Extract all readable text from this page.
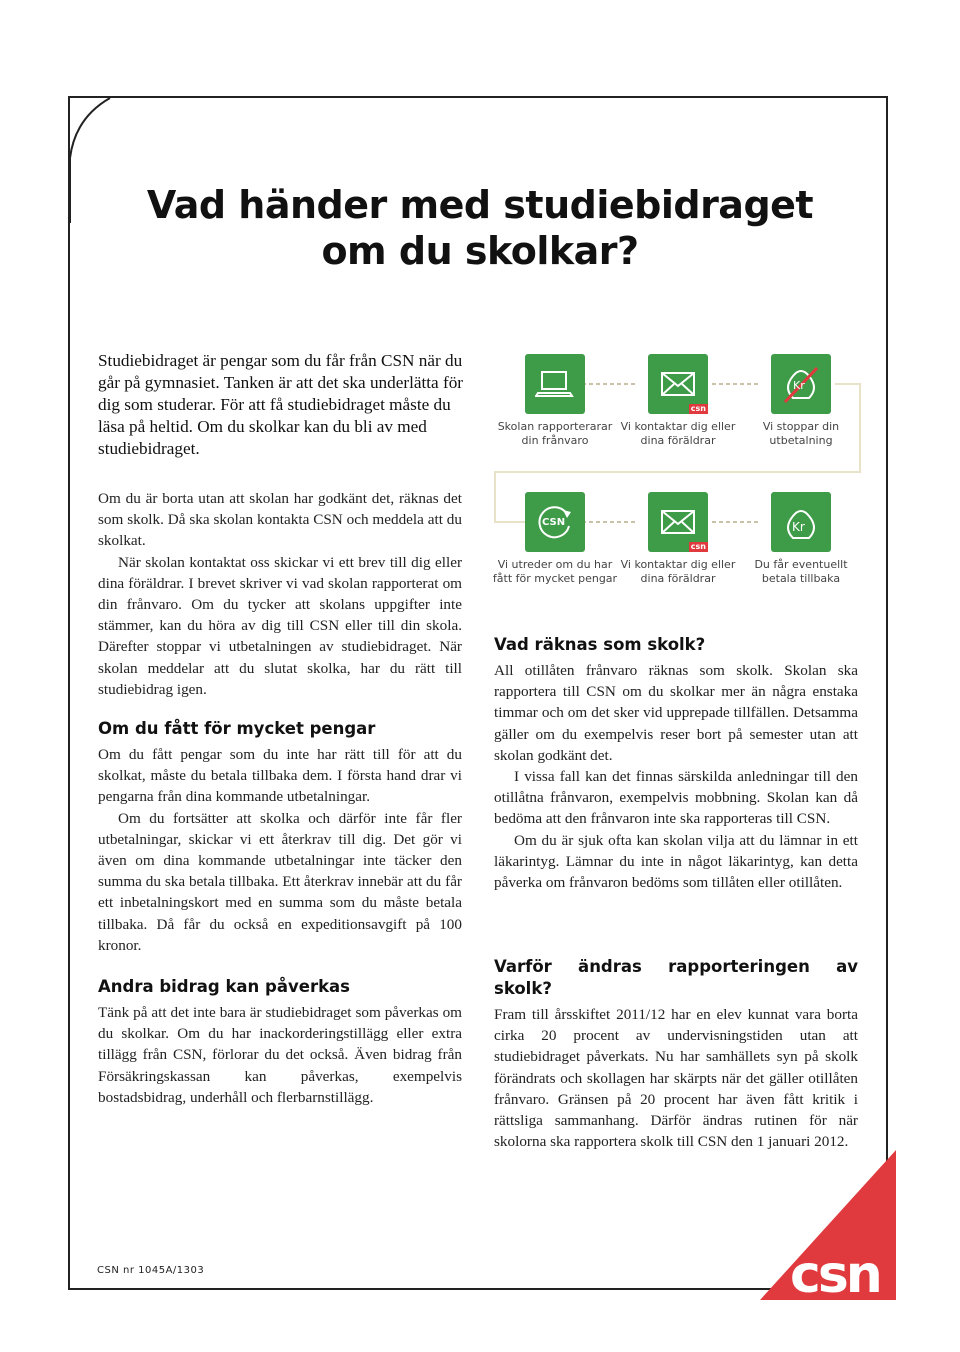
Vad händer med studiebidraget
om du skolkar?

Studiebidraget är pengar som du får från CSN när du går på gymnasiet. Tanken är att det ska underlätta för dig som studerar. För att få studiebidraget måste du läsa på heltid. Om du skolkar kan du bli av med studiebidraget.

Om du är borta utan att skolan har godkänt det, räknas det som skolk. Då ska skolan kontakta CSN och meddela att du skolkat.

När skolan kontaktat oss skickar vi ett brev till dig eller dina föräldrar. I brevet skriver vi vad skolan rapporterat om din frånvaro. Om du tycker att skolans uppgifter inte stämmer, kan du höra av dig till CSN eller till din skola. Därefter stoppar vi utbetalningen av studiebidraget. När skolan meddelar att du slutat skolka, har du rätt till studiebidrag igen.

Om du fått för mycket pengar

Om du fått pengar som du inte har rätt till för att du skolkat, måste du betala tillbaka dem. I första hand drar vi pengarna från dina kommande utbetalningar.

Om du fortsätter att skolka och därför inte får fler utbetalningar, skickar vi ett återkrav till dig. Det gör vi även om dina kommande utbetalningar inte täcker den summa du ska betala tillbaka. Ett återkrav innebär att du får ett inbetalningskort med en summa som du måste betala tillbaka. Då får du också en expeditionsavgift på 100 kronor.

Andra bidrag kan påverkas

Tänk på att det inte bara är studiebidraget som påverkas om du skolkar. Om du har inackorderingstillägg eller extra tillägg från CSN, förlorar du det också. Även bidrag från Försäkringskassan kan påverkas, exempelvis bostadsbidrag, underhåll och flerbarnstillägg.

Skolan rapporterarar din frånvaro
csn
Vi kontaktar dig eller dina föräldrar
Kr
Vi stoppar din utbetalning
CSN
Vi utreder om du har fått för mycket pengar
csn
Vi kontaktar dig eller dina föräldrar
Kr
Du får eventuellt betala tillbaka
Vad räknas som skolk?

All otillåten frånvaro räknas som skolk. Skolan ska rapportera till CSN om du skolkar mer än några enstaka timmar och om det sker vid upprepade tillfällen. Detsamma gäller om du exempelvis reser bort på semester utan att skolan godkänt det.

I vissa fall kan det finnas särskilda anledningar till den otillåtna frånvaron, exempelvis mobbning. Skolan kan då bedöma att den frånvaron inte ska rapporteras till CSN.

Om du är sjuk ofta kan skolan vilja att du lämnar in ett läkarintyg. Lämnar du inte in något läkarintyg, kan detta påverka om frånvaron bedöms som tillåten eller otillåten.

Varför ändras rapporteringen av skolk?

Fram till årsskiftet 2011/12 har en elev kunnat vara borta cirka 20 procent av undervisningstiden utan att studiebidraget påverkats. Nu har samhällets syn på skolk förändrats och skollagen har skärpts när det gäller otillåten frånvaro. Gränsen på 20 procent har även fått kritik i rättsliga sammanhang. Därför ändras rutinen för när skolorna ska rapportera skolk till CSN den 1 januari 2012.

CSN nr 1045A/1303	csn
